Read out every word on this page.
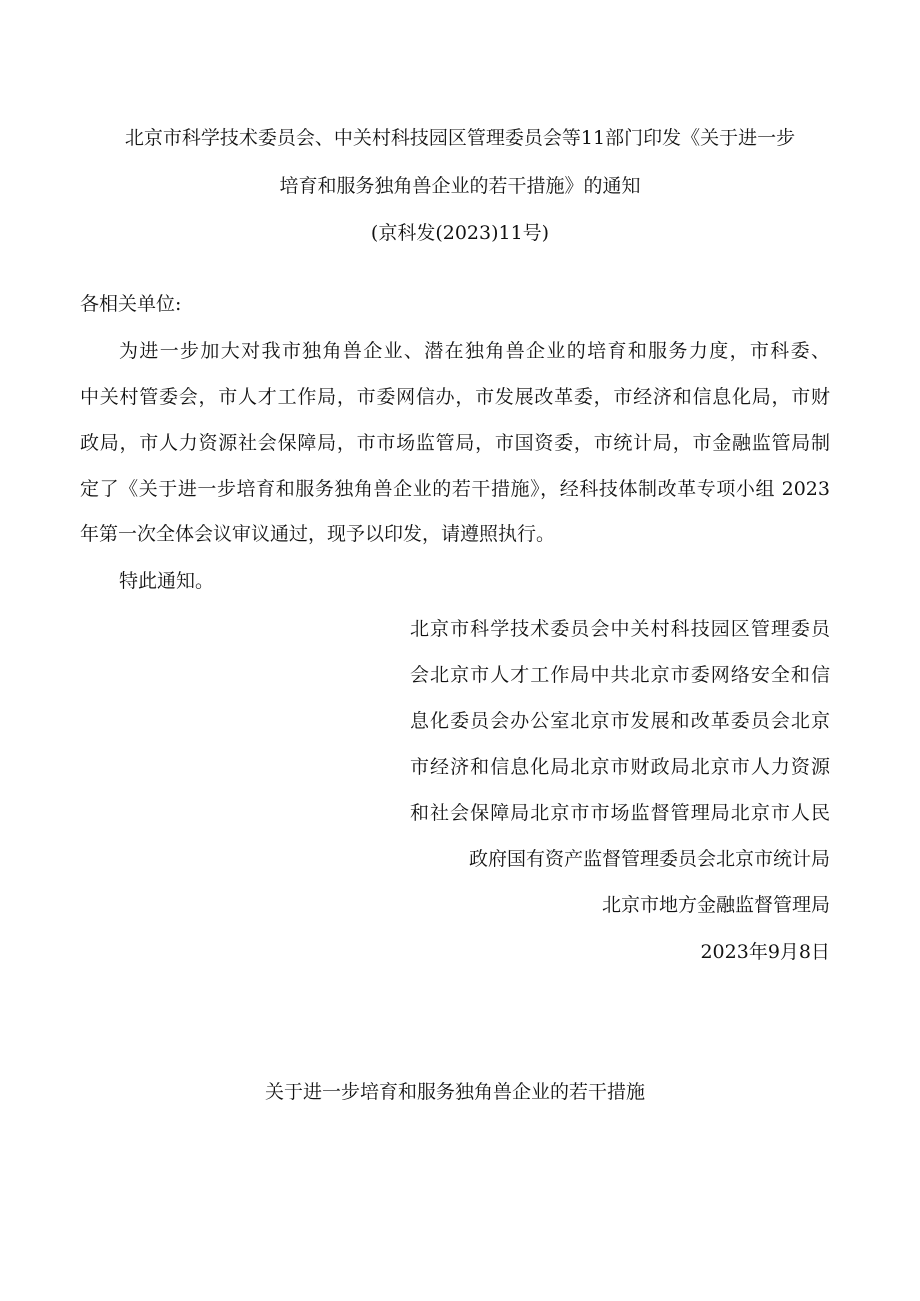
北京市科学技术委员会、中关村科技园区管理委员会等11部门印发《关于进一步
培育和服务独角兽企业的若干措施》的通知
(京科发(2023)11号)
各相关单位:
为进一步加大对我市独角兽企业、潜在独角兽企业的培育和服务力度，市科委、
中关村管委会，市人才工作局，市委网信办，市发展改革委，市经济和信息化局，市财
政局，市人力资源社会保障局，市市场监管局，市国资委，市统计局，市金融监管局制
定了《关于进一步培育和服务独角兽企业的若干措施》，经科技体制改革专项小组 2023
年第一次全体会议审议通过，现予以印发，请遵照执行。
特此通知。
北京市科学技术委员会中关村科技园区管理委员
会北京市人才工作局中共北京市委网络安全和信
息化委员会办公室北京市发展和改革委员会北京
市经济和信息化局北京市财政局北京市人力资源
和社会保障局北京市市场监督管理局北京市人民
政府国有资产监督管理委员会北京市统计局
北京市地方金融监督管理局
2023年9月8日
关于进一步培育和服务独角兽企业的若干措施
